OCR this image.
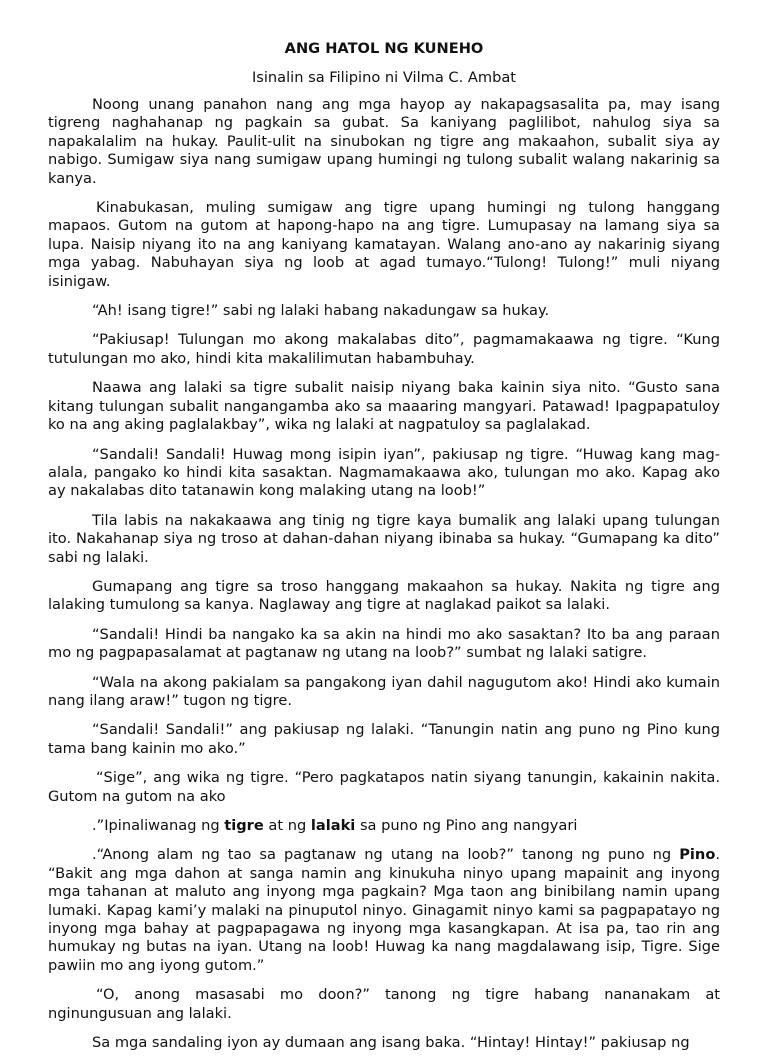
ANG HATOL NG KUNEHO
Isinalin sa Filipino ni Vilma C. Ambat

Noong unang panahon nang ang mga hayop ay nakapagsasalita pa, may isang tigreng naghahanap ng pagkain sa gubat. Sa kaniyang paglilibot, nahulog siya sa napakalalim na hukay. Paulit-ulit na sinubokan ng tigre ang makaahon, subalit siya ay nabigo. Sumigaw siya nang sumigaw upang humingi ng tulong subalit walang nakarinig sa kanya.

Kinabukasan, muling sumigaw ang tigre upang humingi ng tulong hanggang mapaos. Gutom na gutom at hapong-hapo na ang tigre. Lumupasay na lamang siya sa lupa. Naisip niyang ito na ang kaniyang kamatayan. Walang ano-ano ay nakarinig siyang mga yabag. Nabuhayan siya ng loob at agad tumayo.“Tulong! Tulong!” muli niyang isinigaw.

“Ah! isang tigre!” sabi ng lalaki habang nakadungaw sa hukay.

“Pakiusap! Tulungan mo akong makalabas dito”, pagmamakaawa ng tigre. “Kung tutulungan mo ako, hindi kita makalilimutan habambuhay.

Naawa ang lalaki sa tigre subalit naisip niyang baka kainin siya nito. “Gusto sana kitang tulungan subalit nangangamba ako sa maaaring mangyari. Patawad! Ipagpapatuloy ko na ang aking paglalakbay”, wika ng lalaki at nagpatuloy sa paglalakad.

“Sandali! Sandali! Huwag mong isipin iyan”, pakiusap ng tigre. “Huwag kang mag-alala, pangako ko hindi kita sasaktan. Nagmamakaawa ako, tulungan mo ako. Kapag ako ay nakalabas dito tatanawin kong malaking utang na loob!”

Tila labis na nakakaawa ang tinig ng tigre kaya bumalik ang lalaki upang tulungan ito. Nakahanap siya ng troso at dahan-dahan niyang ibinaba sa hukay. “Gumapang ka dito” sabi ng lalaki.

Gumapang ang tigre sa troso hanggang makaahon sa hukay. Nakita ng tigre ang lalaking tumulong sa kanya. Naglaway ang tigre at naglakad paikot sa lalaki.

“Sandali! Hindi ba nangako ka sa akin na hindi mo ako sasaktan? Ito ba ang paraan mo ng pagpapasalamat at pagtanaw ng utang na loob?” sumbat ng lalaki satigre.

“Wala na akong pakialam sa pangakong iyan dahil nagugutom ako! Hindi ako kumain nang ilang araw!” tugon ng tigre.

“Sandali! Sandali!” ang pakiusap ng lalaki. “Tanungin natin ang puno ng Pino kung tama bang kainin mo ako.”

“Sige”, ang wika ng tigre. “Pero pagkatapos natin siyang tanungin, kakainin nakita. Gutom na gutom na ako

.”Ipinaliwanag ng tigre at ng lalaki sa puno ng Pino ang nangyari

.“Anong alam ng tao sa pagtanaw ng utang na loob?” tanong ng puno ng Pino. “Bakit ang mga dahon at sanga namin ang kinukuha ninyo upang mapainit ang inyong mga tahanan at maluto ang inyong mga pagkain? Mga taon ang binibilang namin upang lumaki. Kapag kami’y malaki na pinuputol ninyo. Ginagamit ninyo kami sa pagpapatayo ng inyong mga bahay at pagpapagawa ng inyong mga kasangkapan. At isa pa, tao rin ang humukay ng butas na iyan. Utang na loob! Huwag ka nang magdalawang isip, Tigre. Sige pawiin mo ang iyong gutom.”

“O, anong masasabi mo doon?” tanong ng tigre habang nananakam at nginungusuan ang lalaki.

Sa mga sandaling iyon ay dumaan ang isang baka. “Hintay! Hintay!” pakiusap ng
